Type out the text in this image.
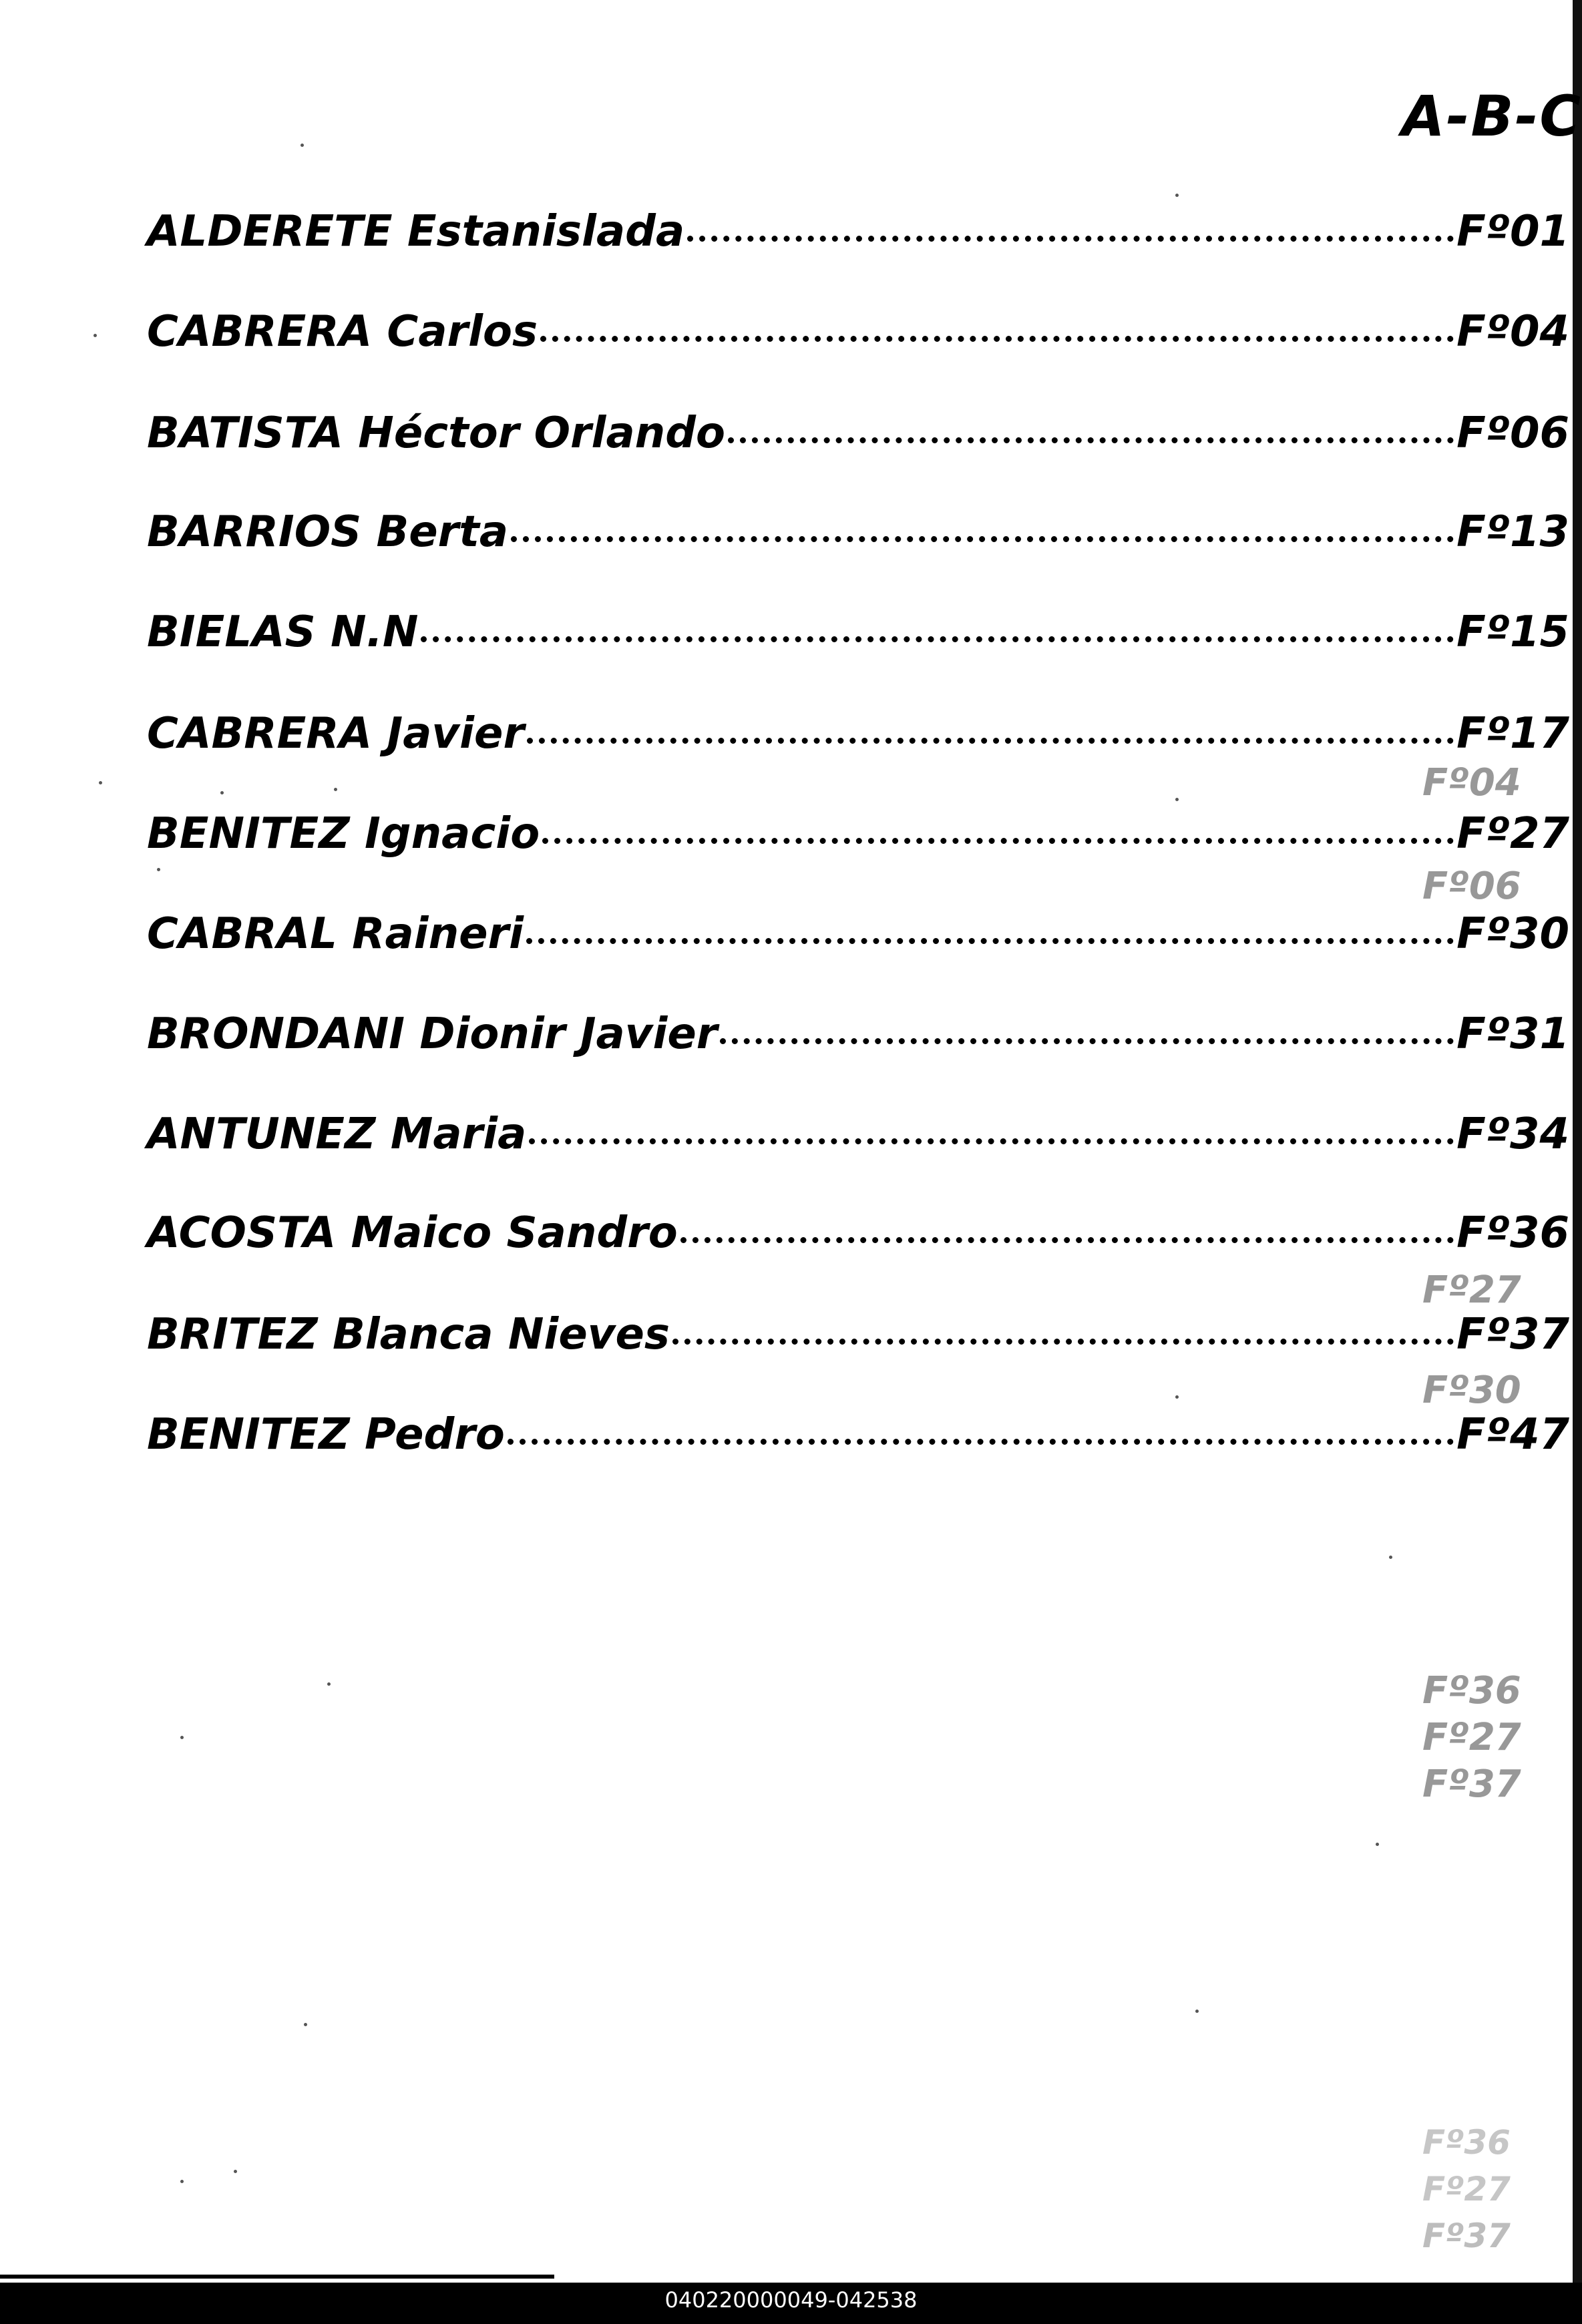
A-B-C
ALDERETE Estanislada	Fº01
CABRERA Carlos	Fº04
BATISTA Héctor Orlando	Fº06
BARRIOS Berta	Fº13
BIELAS N.N	Fº15
CABRERA Javier	Fº17
BENITEZ Ignacio	Fº27
CABRAL Raineri	Fº30
BRONDANI Dionir Javier	Fº31
ANTUNEZ Maria	Fº34
ACOSTA Maico Sandro	Fº36
BRITEZ Blanca Nieves	Fº37
BENITEZ Pedro	Fº47
Fº04
Fº06
Fº27
Fº30
Fº36
Fº27
Fº37
Fº36
Fº27
Fº37
040220000049-042538
